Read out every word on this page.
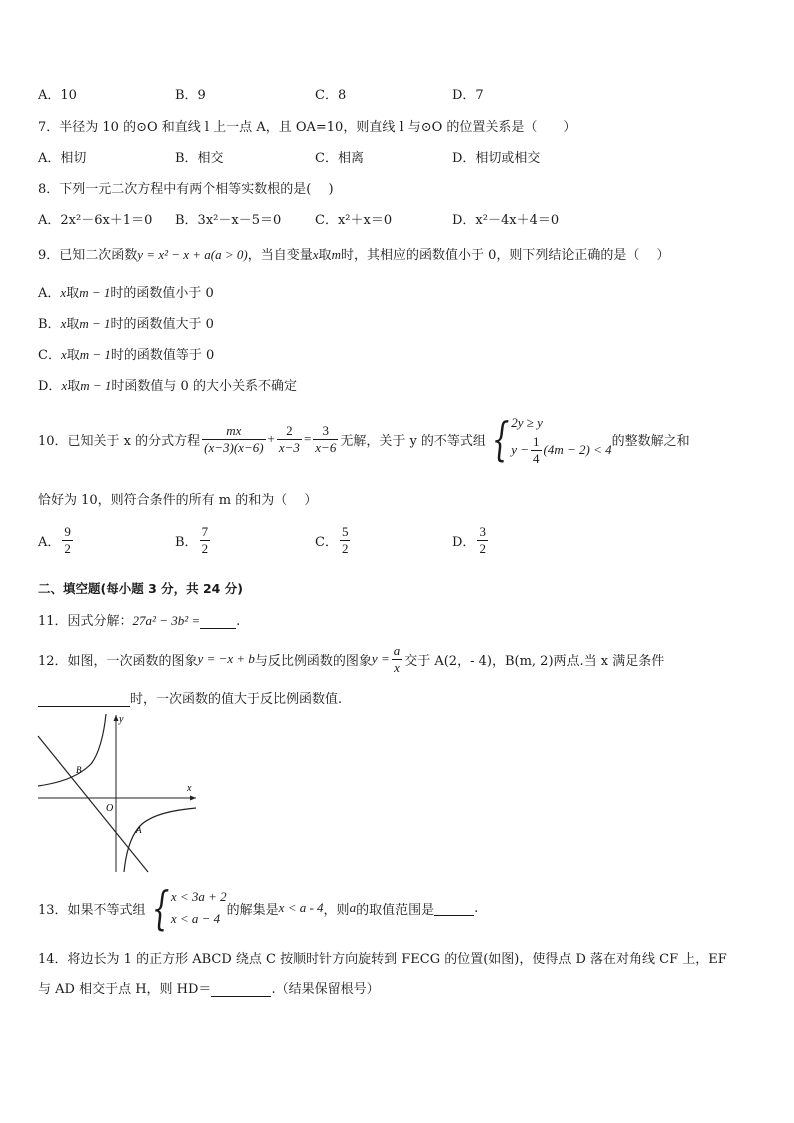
A．10	B．9	C．8	D．7
7．半径为 10 的⊙O 和直线 l 上一点 A，且 OA=10，则直线 l 与⊙O 的位置关系是（　　）
A．相切	B．相交	C．相离	D．相切或相交
8．下列一元二次方程中有两个相等实数根的是(　 )
A．2x²－6x＋1＝0 B．3x²－x－5＝0	C．x²＋x＝0	D．x²－4x＋4＝0
9．已知二次函数y = x² − x + a(a > 0)，当自变量x取m时，其相应的函数值小于 0，则下列结论正确的是（　 ）
A．x取m − 1时的函数值小于 0
B．x取m − 1时的函数值大于 0
C．x取m − 1时的函数值等于 0
D．x取m − 1时函数值与 0 的大小关系不确定
10．已知关于 x 的分式方程 $\frac{mx}{(x-3)(x-6)} + \frac{2}{x-3} = \frac{3}{x-6}$ 无解，关于 y 的不等式组 { 2y ≥ y
$y - \frac{1}{4} (4m - 2) < 4$
的整数解之和
恰好为 10，则符合条件的所有 m 的和为（　 ）
A． $\frac{9}{2}$	B． $\frac{7}{2}$	C． $\frac{5}{2}$	D． $\frac{3}{2}$
二、填空题(每小题 3 分，共 24 分)
11．因式分解：27a² − 3b² =	.
12．如图，一次函数的图象 y = −x + b 与反比例函数的图象 $y = \frac{a}{x}$ 交于 A(2，- 4)，B(m, 2)两点.当 x 满足条件
时，一次函数的值大于反比例函数值.
x
y
O
A
B
13．如果不等式组 { x < 3a + 2
x < a − 4
的解集是 x < a - 4 ，则 a 的取值范围是	.
14．将边长为 1 的正方形 ABCD 绕点 C 按顺时针方向旋转到 FECG 的位置(如图)，使得点 D 落在对角线 CF 上，EF
与 AD 相交于点 H，则 HD＝	.（结果保留根号）
